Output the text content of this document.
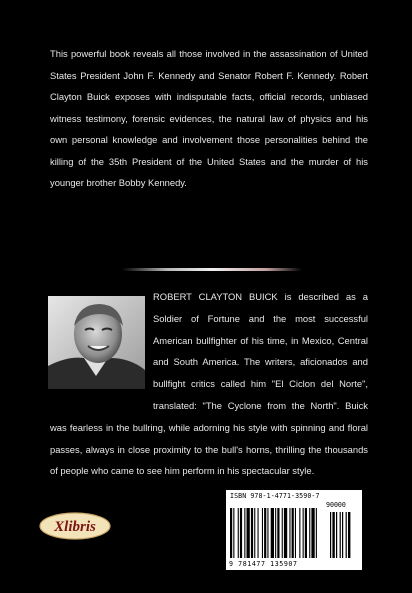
This powerful book reveals all those involved in the assassination of United States President John F. Kennedy and Senator Robert F. Kennedy. Robert Clayton Buick exposes with indisputable facts, official records, unbiased witness testimony, forensic evidences, the natural law of physics and his own personal knowledge and involvement those personalities behind the killing of the 35th President of the United States and the murder of his younger brother Bobby Kennedy.

ROBERT CLAYTON BUICK is described as a Soldier of Fortune and the most successful American bullfighter of his time, in Mexico, Central and South America. The writers, aficionados and bullfight critics called him "El Ciclon del Norte", translated: "The Cyclone from the North". Buick was fearless in the bullring, while adorning his style with spinning and floral passes, always in close proximity to the bull's horns, thrilling the thousands of people who came to see him perform in his spectacular style.

Xlibris
ISBN 978-1-4771-3590-7
90000
9 781477 135907
